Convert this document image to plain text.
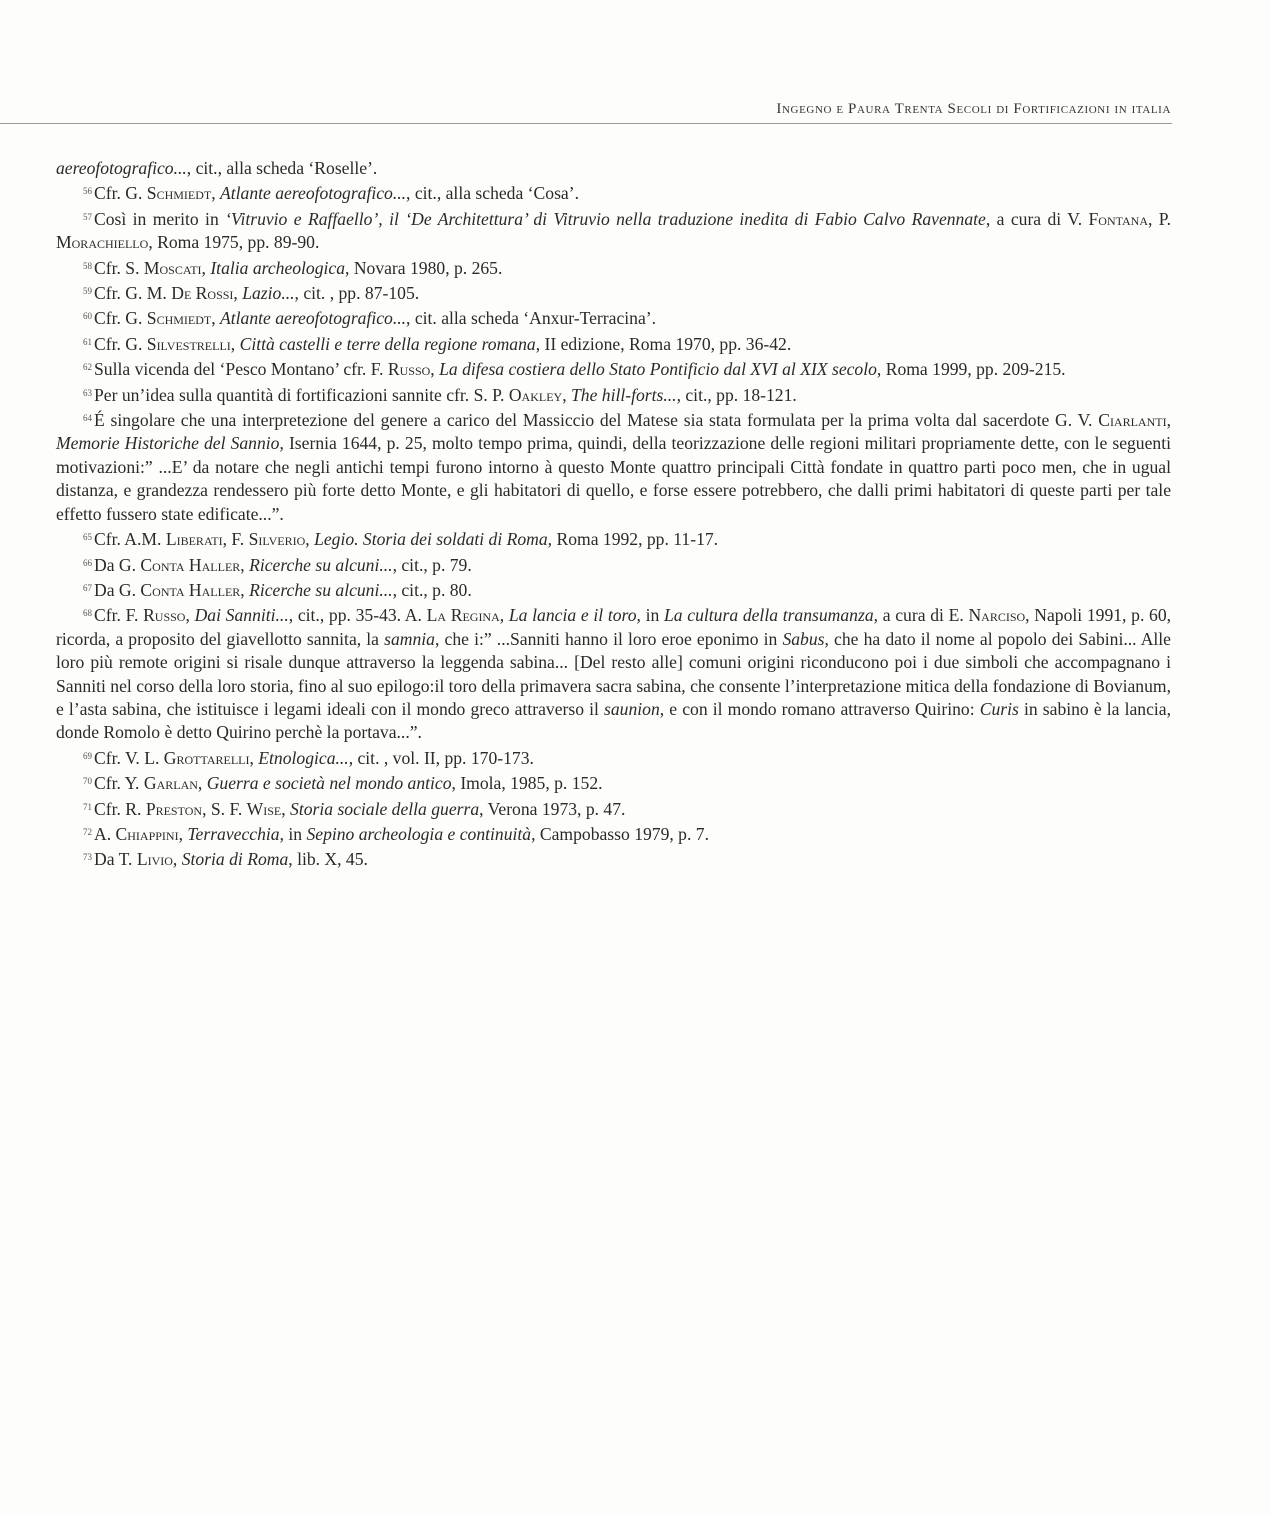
Ingegno e Paura Trenta Secoli di Fortificazioni in italia

aereofotografico..., cit., alla scheda ‘Roselle’.

$^{56}$ Cfr. G. Schmiedt, Atlante aereofotografico..., cit., alla scheda ‘Cosa’.

$^{57}$ Così in merito in ‘Vitruvio e Raffaello’, il ‘De Architettura’ di Vitruvio nella traduzione inedita di Fabio Calvo Ravennate, a cura di V. Fontana, P. Morachiello, Roma 1975, pp. 89-90.

$^{58}$ Cfr. S. Moscati, Italia archeologica, Novara 1980, p. 265.

$^{59}$ Cfr. G. M. De Rossi, Lazio..., cit. , pp. 87-105.

$^{60}$ Cfr. G. Schmiedt, Atlante aereofotografico..., cit. alla scheda ‘Anxur-Terracina’.

$^{61}$ Cfr. G. Silvestrelli, Città castelli e terre della regione romana, II edizione, Roma 1970, pp. 36-42.

$^{62}$ Sulla vicenda del ‘Pesco Montano’ cfr. F. Russo, La difesa costiera dello Stato Pontificio dal XVI al XIX secolo, Roma 1999, pp. 209-215.

$^{63}$ Per un’idea sulla quantità di fortificazioni sannite cfr. S. P. Oakley, The hill-forts..., cit., pp. 18-121.

$^{64}$ É singolare che una interpretezione del genere a carico del Massiccio del Matese sia stata formulata per la prima volta dal sacerdote G. V. Ciarlanti, Memorie Historiche del Sannio, Isernia 1644, p. 25, molto tempo prima, quindi, della teorizzazione delle regioni militari propriamente dette, con le seguenti motivazioni:” ...E’ da notare che negli antichi tempi furono intorno à questo Monte quattro principali Città fondate in quattro parti poco men, che in ugual distanza, e grandezza rendessero più forte detto Monte, e gli habitatori di quello, e forse essere potrebbero, che dalli primi habitatori di queste parti per tale effetto fussero state edificate...”.

$^{65}$ Cfr. A.M. Liberati, F. Silverio, Legio. Storia dei soldati di Roma, Roma 1992, pp. 11-17.

$^{66}$ Da G. Conta Haller, Ricerche su alcuni..., cit., p. 79.

$^{67}$ Da G. Conta Haller, Ricerche su alcuni..., cit., p. 80.

$^{68}$ Cfr. F. Russo, Dai Sanniti..., cit., pp. 35-43. A. La Regina, La lancia e il toro, in La cultura della transumanza, a cura di E. Narciso, Napoli 1991, p. 60, ricorda, a proposito del giavellotto sannita, la samnia, che i:” ...Sanniti hanno il loro eroe eponimo in Sabus, che ha dato il nome al popolo dei Sabini... Alle loro più remote origini si risale dunque attraverso la leggenda sabina... [Del resto alle] comuni origini riconducono poi i due simboli che accompagnano i Sanniti nel corso della loro storia, fino al suo epilogo:il toro della primavera sacra sabina, che consente l’interpretazione mitica della fondazione di Bovianum, e l’asta sabina, che istituisce i legami ideali con il mondo greco attraverso il saunion, e con il mondo romano attraverso Quirino: Curis in sabino è la lancia, donde Romolo è detto Quirino perchè la portava...”.

$^{69}$ Cfr. V. L. Grottarelli, Etnologica..., cit. , vol. II, pp. 170-173.

$^{70}$ Cfr. Y. Garlan, Guerra e società nel mondo antico, Imola, 1985, p. 152.

$^{71}$ Cfr. R. Preston, S. F. Wise, Storia sociale della guerra, Verona 1973, p. 47.

$^{72}$ A. Chiappini, Terravecchia, in Sepino archeologia e continuità, Campobasso 1979, p. 7.

$^{73}$ Da T. Livio, Storia di Roma, lib. X, 45.
